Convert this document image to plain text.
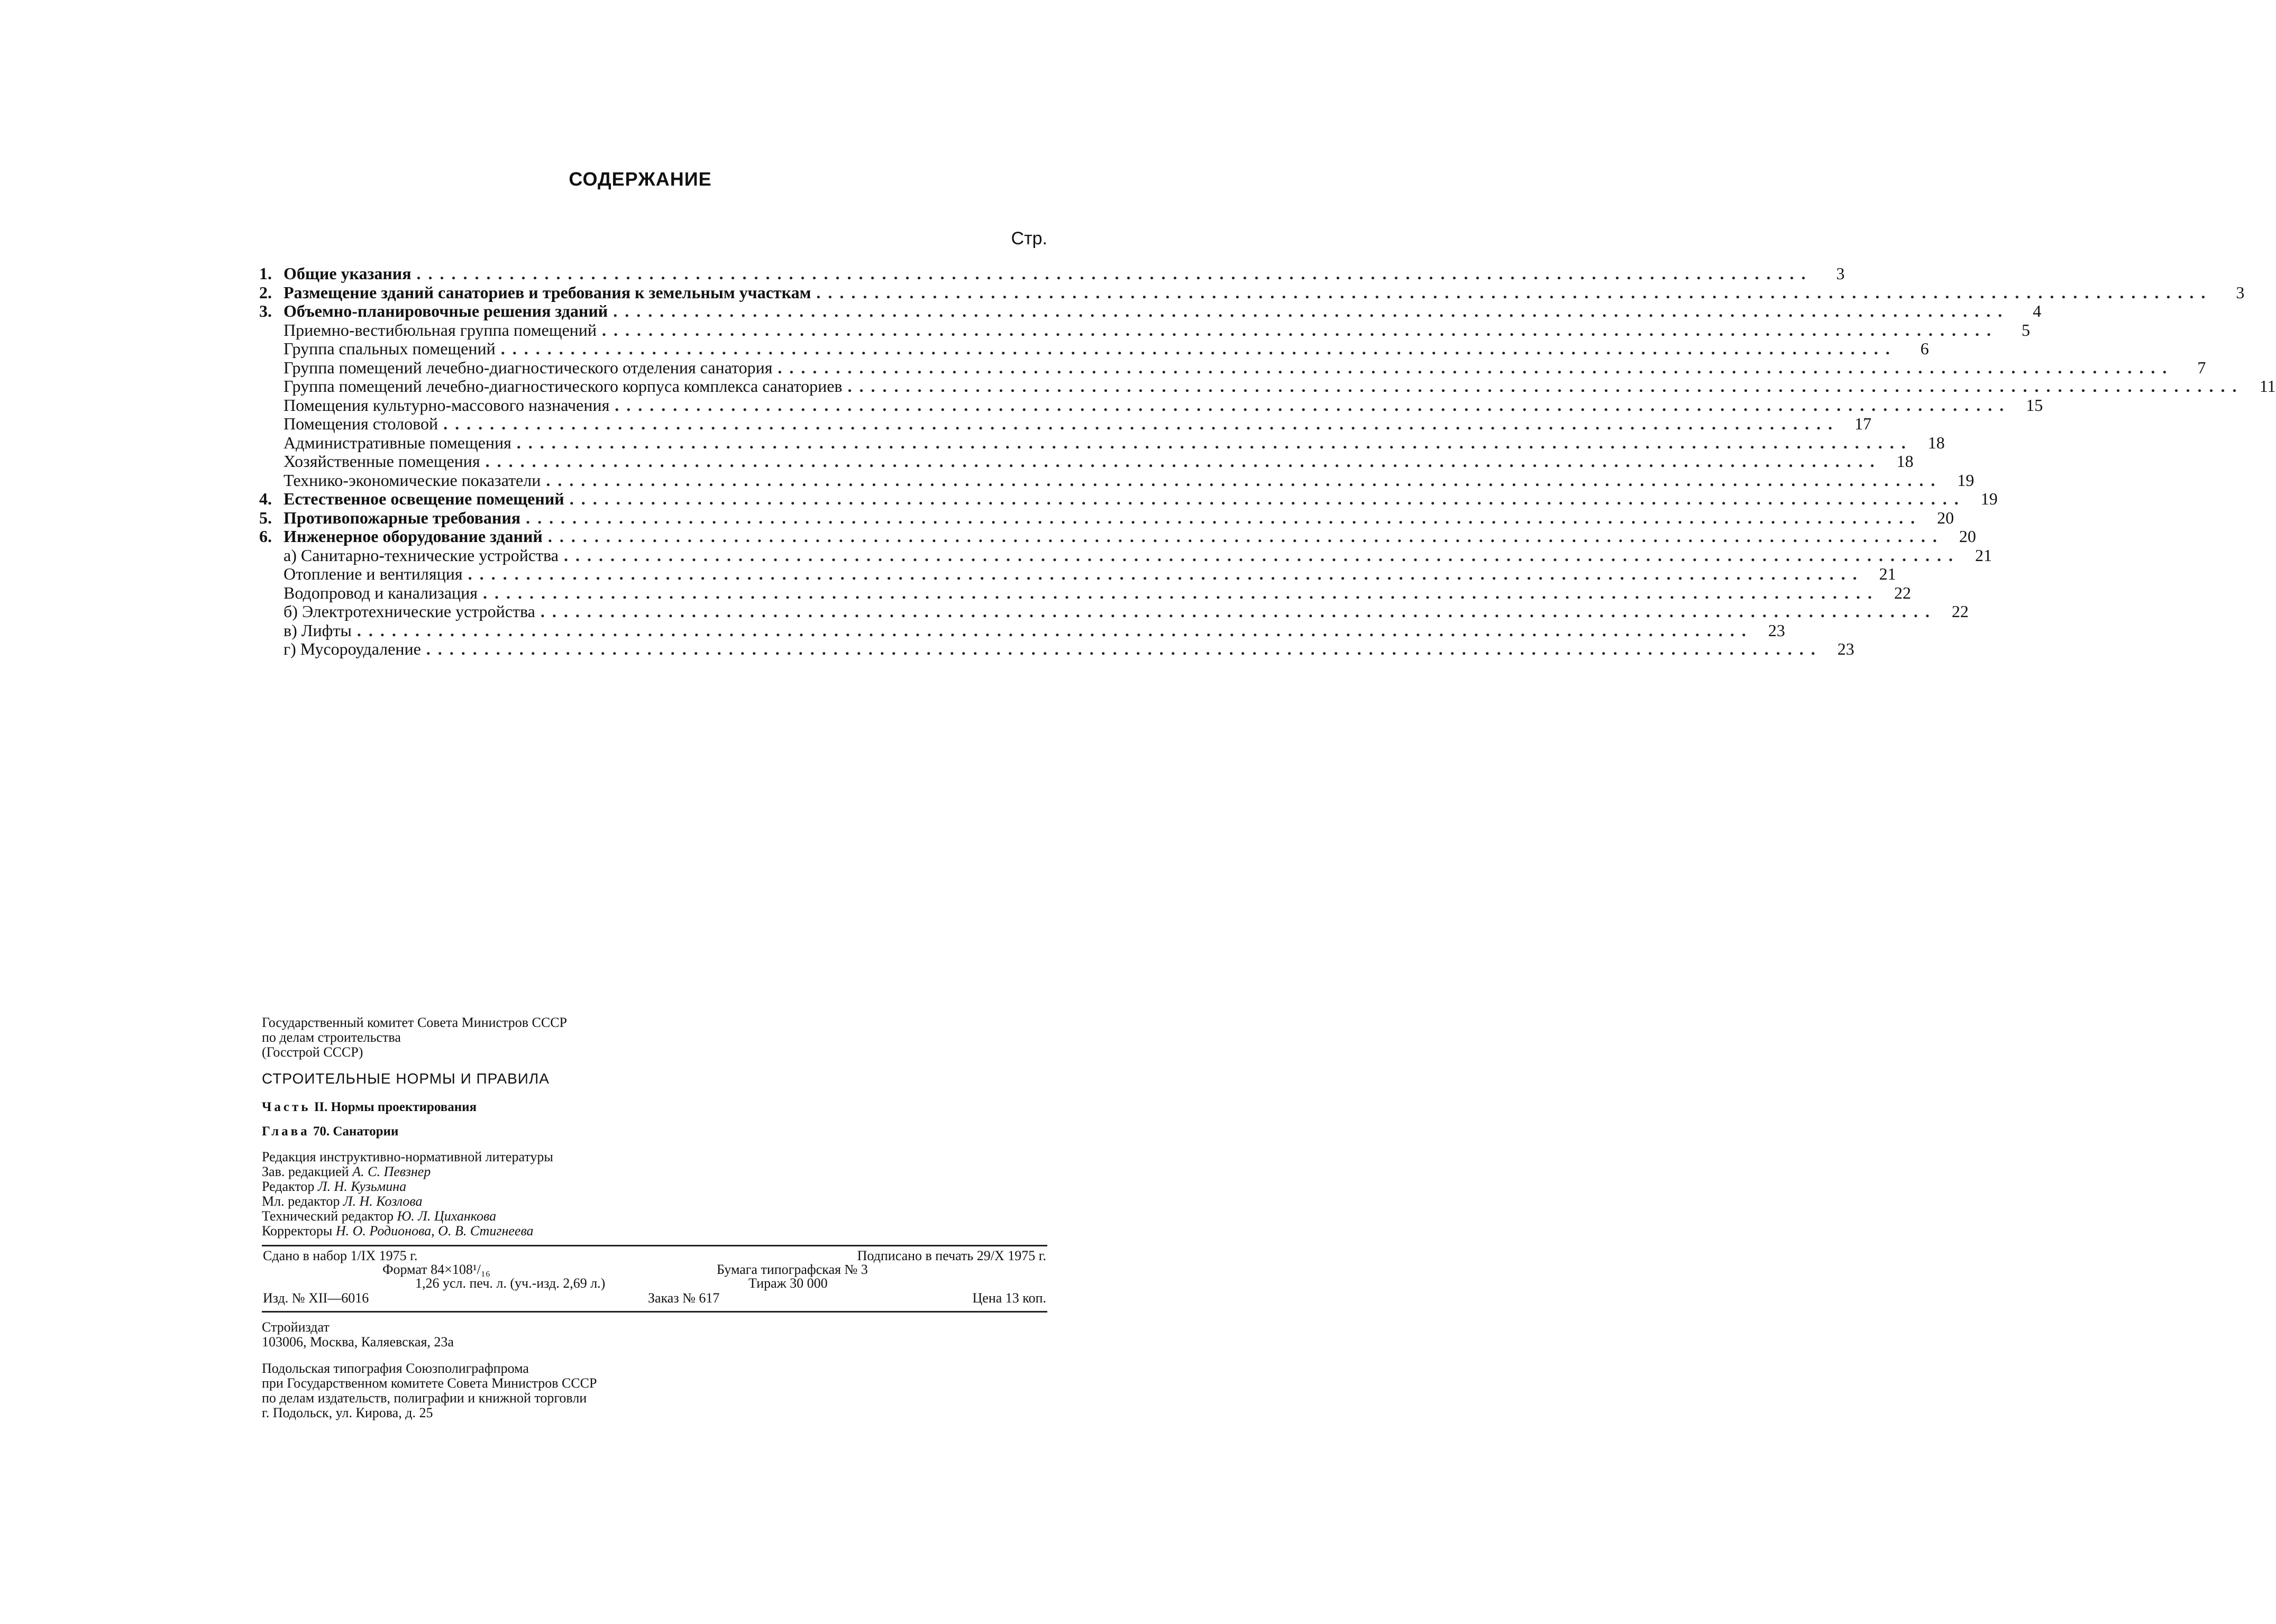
СОДЕРЖАНИЕ
Стр.
1. Общие указания ........................................................................................................................	3
2. Размещение зданий санаториев и требования к земельным участкам ........................................................................................................................	3
3. Объемно-планировочные решения зданий ........................................................................................................................	4
Приемно-вестибюльная группа помещений ........................................................................................................................	5
Группа спальных помещений ........................................................................................................................	6
Группа помещений лечебно-диагностического отделения санатория ........................................................................................................................	7
Группа помещений лечебно-диагностического корпуса комплекса санаториев ........................................................................................................................ 11
Помещения культурно-массового назначения ........................................................................................................................ 15
Помещения столовой ........................................................................................................................ 17
Административные помещения ........................................................................................................................ 18
Хозяйственные помещения ........................................................................................................................ 18
Технико-экономические показатели ........................................................................................................................ 19
4. Естественное освещение помещений ........................................................................................................................ 19
5. Противопожарные требования ........................................................................................................................ 20
6. Инженерное оборудование зданий ........................................................................................................................ 20
а) Санитарно-технические устройства ........................................................................................................................ 21
Отопление и вентиляция ........................................................................................................................ 21
Водопровод и канализация ........................................................................................................................ 22
б) Электротехнические устройства ........................................................................................................................ 22
в) Лифты ........................................................................................................................ 23
г) Мусороудаление ........................................................................................................................ 23
Государственный комитет Совета Министров СССР
по делам строительства
(Госстрой СССР)
СТРОИТЕЛЬНЫЕ НОРМЫ И ПРАВИЛА
Часть II. Нормы проектирования
Глава 70. Санатории
Редакция инструктивно-нормативной литературы
Зав. редакцией А. С. Певзнер
Редактор Л. Н. Кузьмина
Мл. редактор Л. Н. Козлова
Технический редактор Ю. Л. Циханкова
Корректоры Н. О. Родионова, О. В. Стигнеева
Сдано в набор 1/IX 1975 г.	Подписано в печать 29/X 1975 г.
Формат 84×108¹/₁₆	Бумага типографская № 3
1,26 усл. печ. л. (уч.-изд. 2,69 л.)	Тираж 30 000
Изд. № XII—6016	Заказ № 617	Цена 13 коп.
Стройиздат
103006, Москва, Каляевская, 23а
Подольская типография Союзполиграфпрома
при Государственном комитете Совета Министров СССР
по делам издательств, полиграфии и книжной торговли
г. Подольск, ул. Кирова, д. 25
